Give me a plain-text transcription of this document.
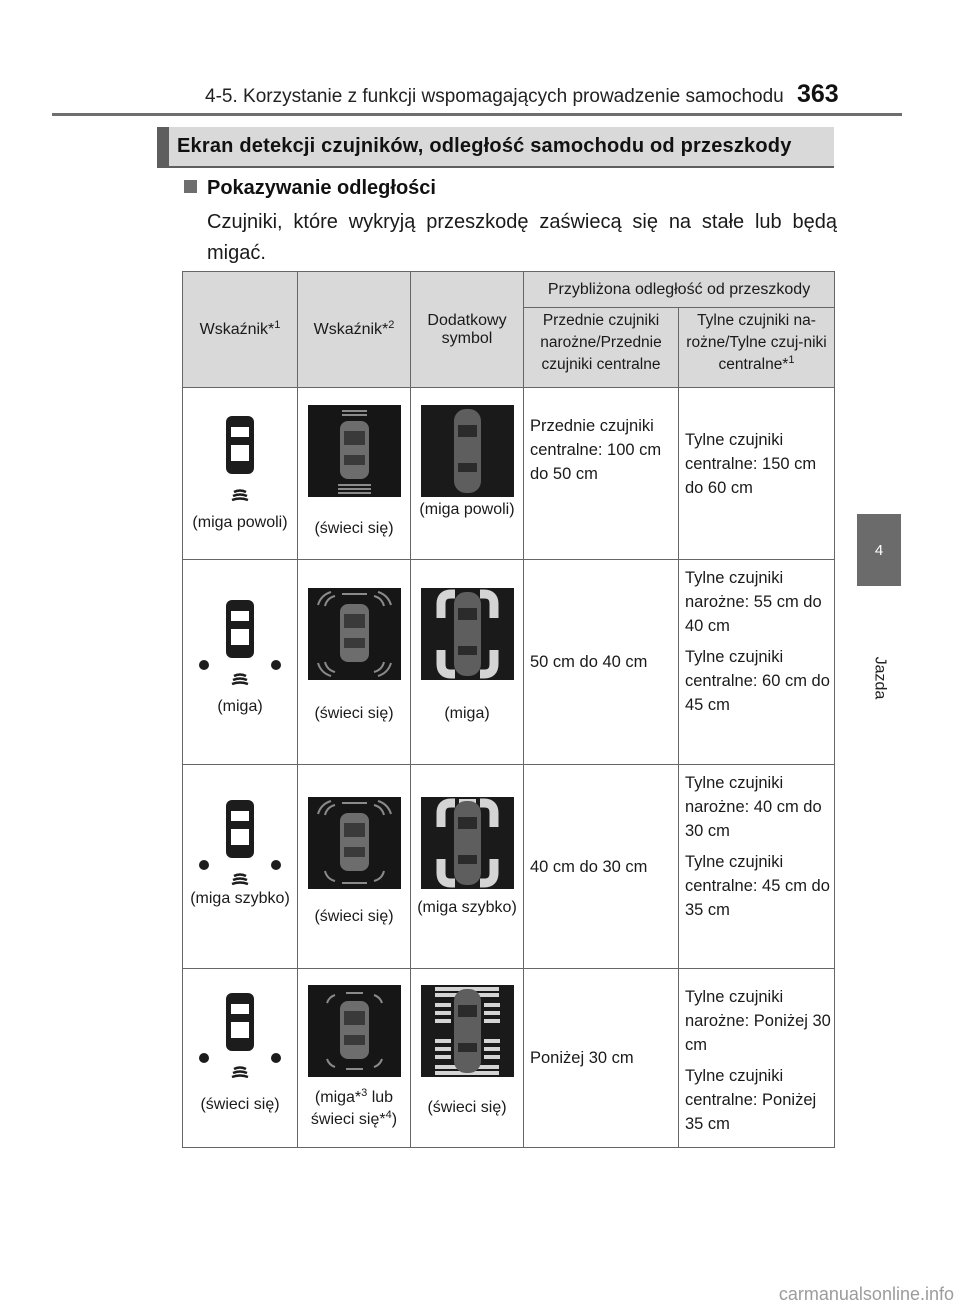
4-5. Korzystanie z funkcji wspomagających prowadzenie samochodu 363
4
Jazda
Ekran detekcji czujników, odległość samochodu od przeszkody
Pokazywanie odległości
Czujniki, które wykryją przeszkodę zaświecą się na stałe lub będą migać.
Wskaźnik*$^1$	Wskaźnik*$^2$	Dodatkowy symbol	Przybliżona odległość od przeszkody	
			Przednie czujniki narożne/Przednie czujniki centralne	Tylne czujniki na-rożne/Tylne czuj-niki centralne*$^1$

(miga powoli)	(świeci się)	(miga powoli)	Przednie czujniki centralne: 100 cm do 50 cm	Tylne czujniki centralne: 150 cm do 60 cm

(miga)	(świeci się)	(miga)	50 cm do 40 cm	Tylne czujniki narożne: 55 cm do 40 cm
Tylne czujniki centralne: 60 cm do 45 cm

(miga szybko)	(świeci się)	(miga szybko)	40 cm do 30 cm	Tylne czujniki narożne: 40 cm do 30 cm
Tylne czujniki centralne: 45 cm do 35 cm

(świeci się)	(miga*$^3$ lub świeci się*$^4$)	(świeci się)	Poniżej 30 cm	Tylne czujniki narożne: Poniżej 30 cm
Tylne czujniki centralne: Poniżej 35 cm
carmanualsonline.info
